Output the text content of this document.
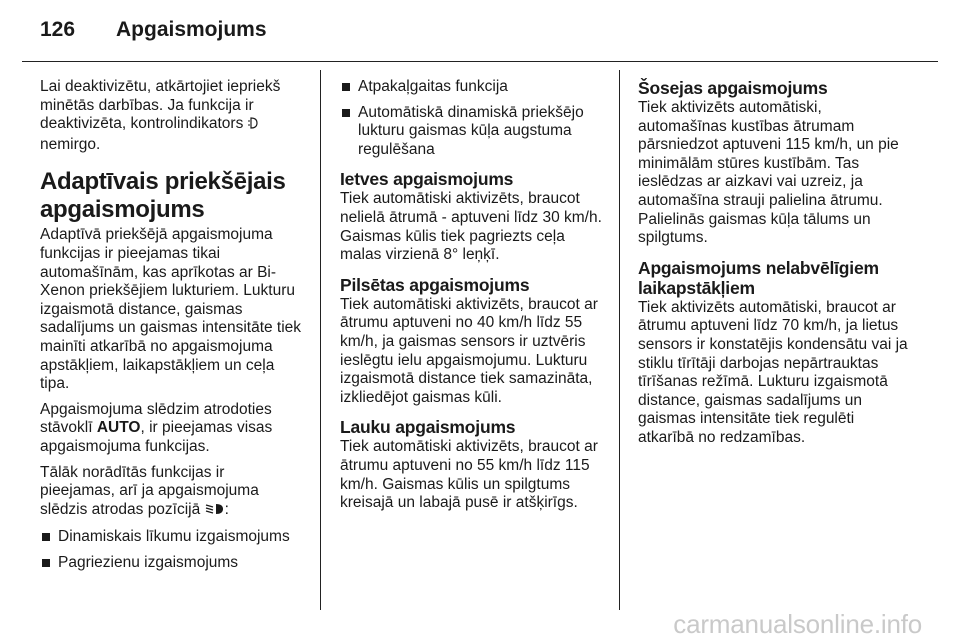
126 Apgaismojums

Lai deaktivizētu, atkārtojiet iepriekš minētās darbības. Ja funkcija ir deaktivizēta, kontrolindikators
nemirgo.

Adaptīvais priekšējais apgaismojums

Adaptīvā priekšējā apgaismojuma funkcijas ir pieejamas tikai automašīnām, kas aprīkotas ar Bi-Xenon priekšējiem lukturiem. Lukturu izgaismotā distance, gaismas sadalījums un gaismas intensitāte tiek mainīti atkarībā no apgaismojuma apstākļiem, laikapstākļiem un ceļa tipa.

Apgaismojuma slēdzim atrodoties stāvoklī AUTO, ir pieejamas visas apgaismojuma funkcijas.

Tālāk norādītās funkcijas ir pieejamas, arī ja apgaismojuma slēdzis atrodas pozīcijā :

Dinamiskais līkumu izgaismojums
Pagriezienu izgaismojums
Atpakaļgaitas funkcija
Automātiskā dinamiskā priekšējo lukturu gaismas kūļa augstuma regulēšana
Ietves apgaismojums

Tiek automātiski aktivizēts, braucot nelielā ātrumā - aptuveni līdz 30 km/h. Gaismas kūlis tiek pagriezts ceļa malas virzienā 8° leņķī.

Pilsētas apgaismojums

Tiek automātiski aktivizēts, braucot ar ātrumu aptuveni no 40 km/h līdz 55 km/h, ja gaismas sensors ir uztvēris ieslēgtu ielu apgaismojumu. Lukturu izgaismotā distance tiek samazināta, izkliedējot gaismas kūli.

Lauku apgaismojums

Tiek automātiski aktivizēts, braucot ar ātrumu aptuveni no 55 km/h līdz 115 km/h. Gaismas kūlis un spilgtums kreisajā un labajā pusē ir atšķirīgs.

Šosejas apgaismojums

Tiek aktivizēts automātiski, automašīnas kustības ātrumam pārsniedzot aptuveni 115 km/h, un pie minimālām stūres kustībām. Tas ieslēdzas ar aizkavi vai uzreiz, ja automašīna strauji palielina ātrumu. Palielinās gaismas kūļa tālums un spilgtums.

Apgaismojums nelabvēlīgiem laikapstākļiem

Tiek aktivizēts automātiski, braucot ar ātrumu aptuveni līdz 70 km/h, ja lietus sensors ir konstatējis kondensātu vai ja stiklu tīrītāji darbojas nepārtrauktas tīrīšanas režīmā. Lukturu izgaismotā distance, gaismas sadalījums un gaismas intensitāte tiek regulēti atkarībā no redzamības.

carmanualsonline.info
